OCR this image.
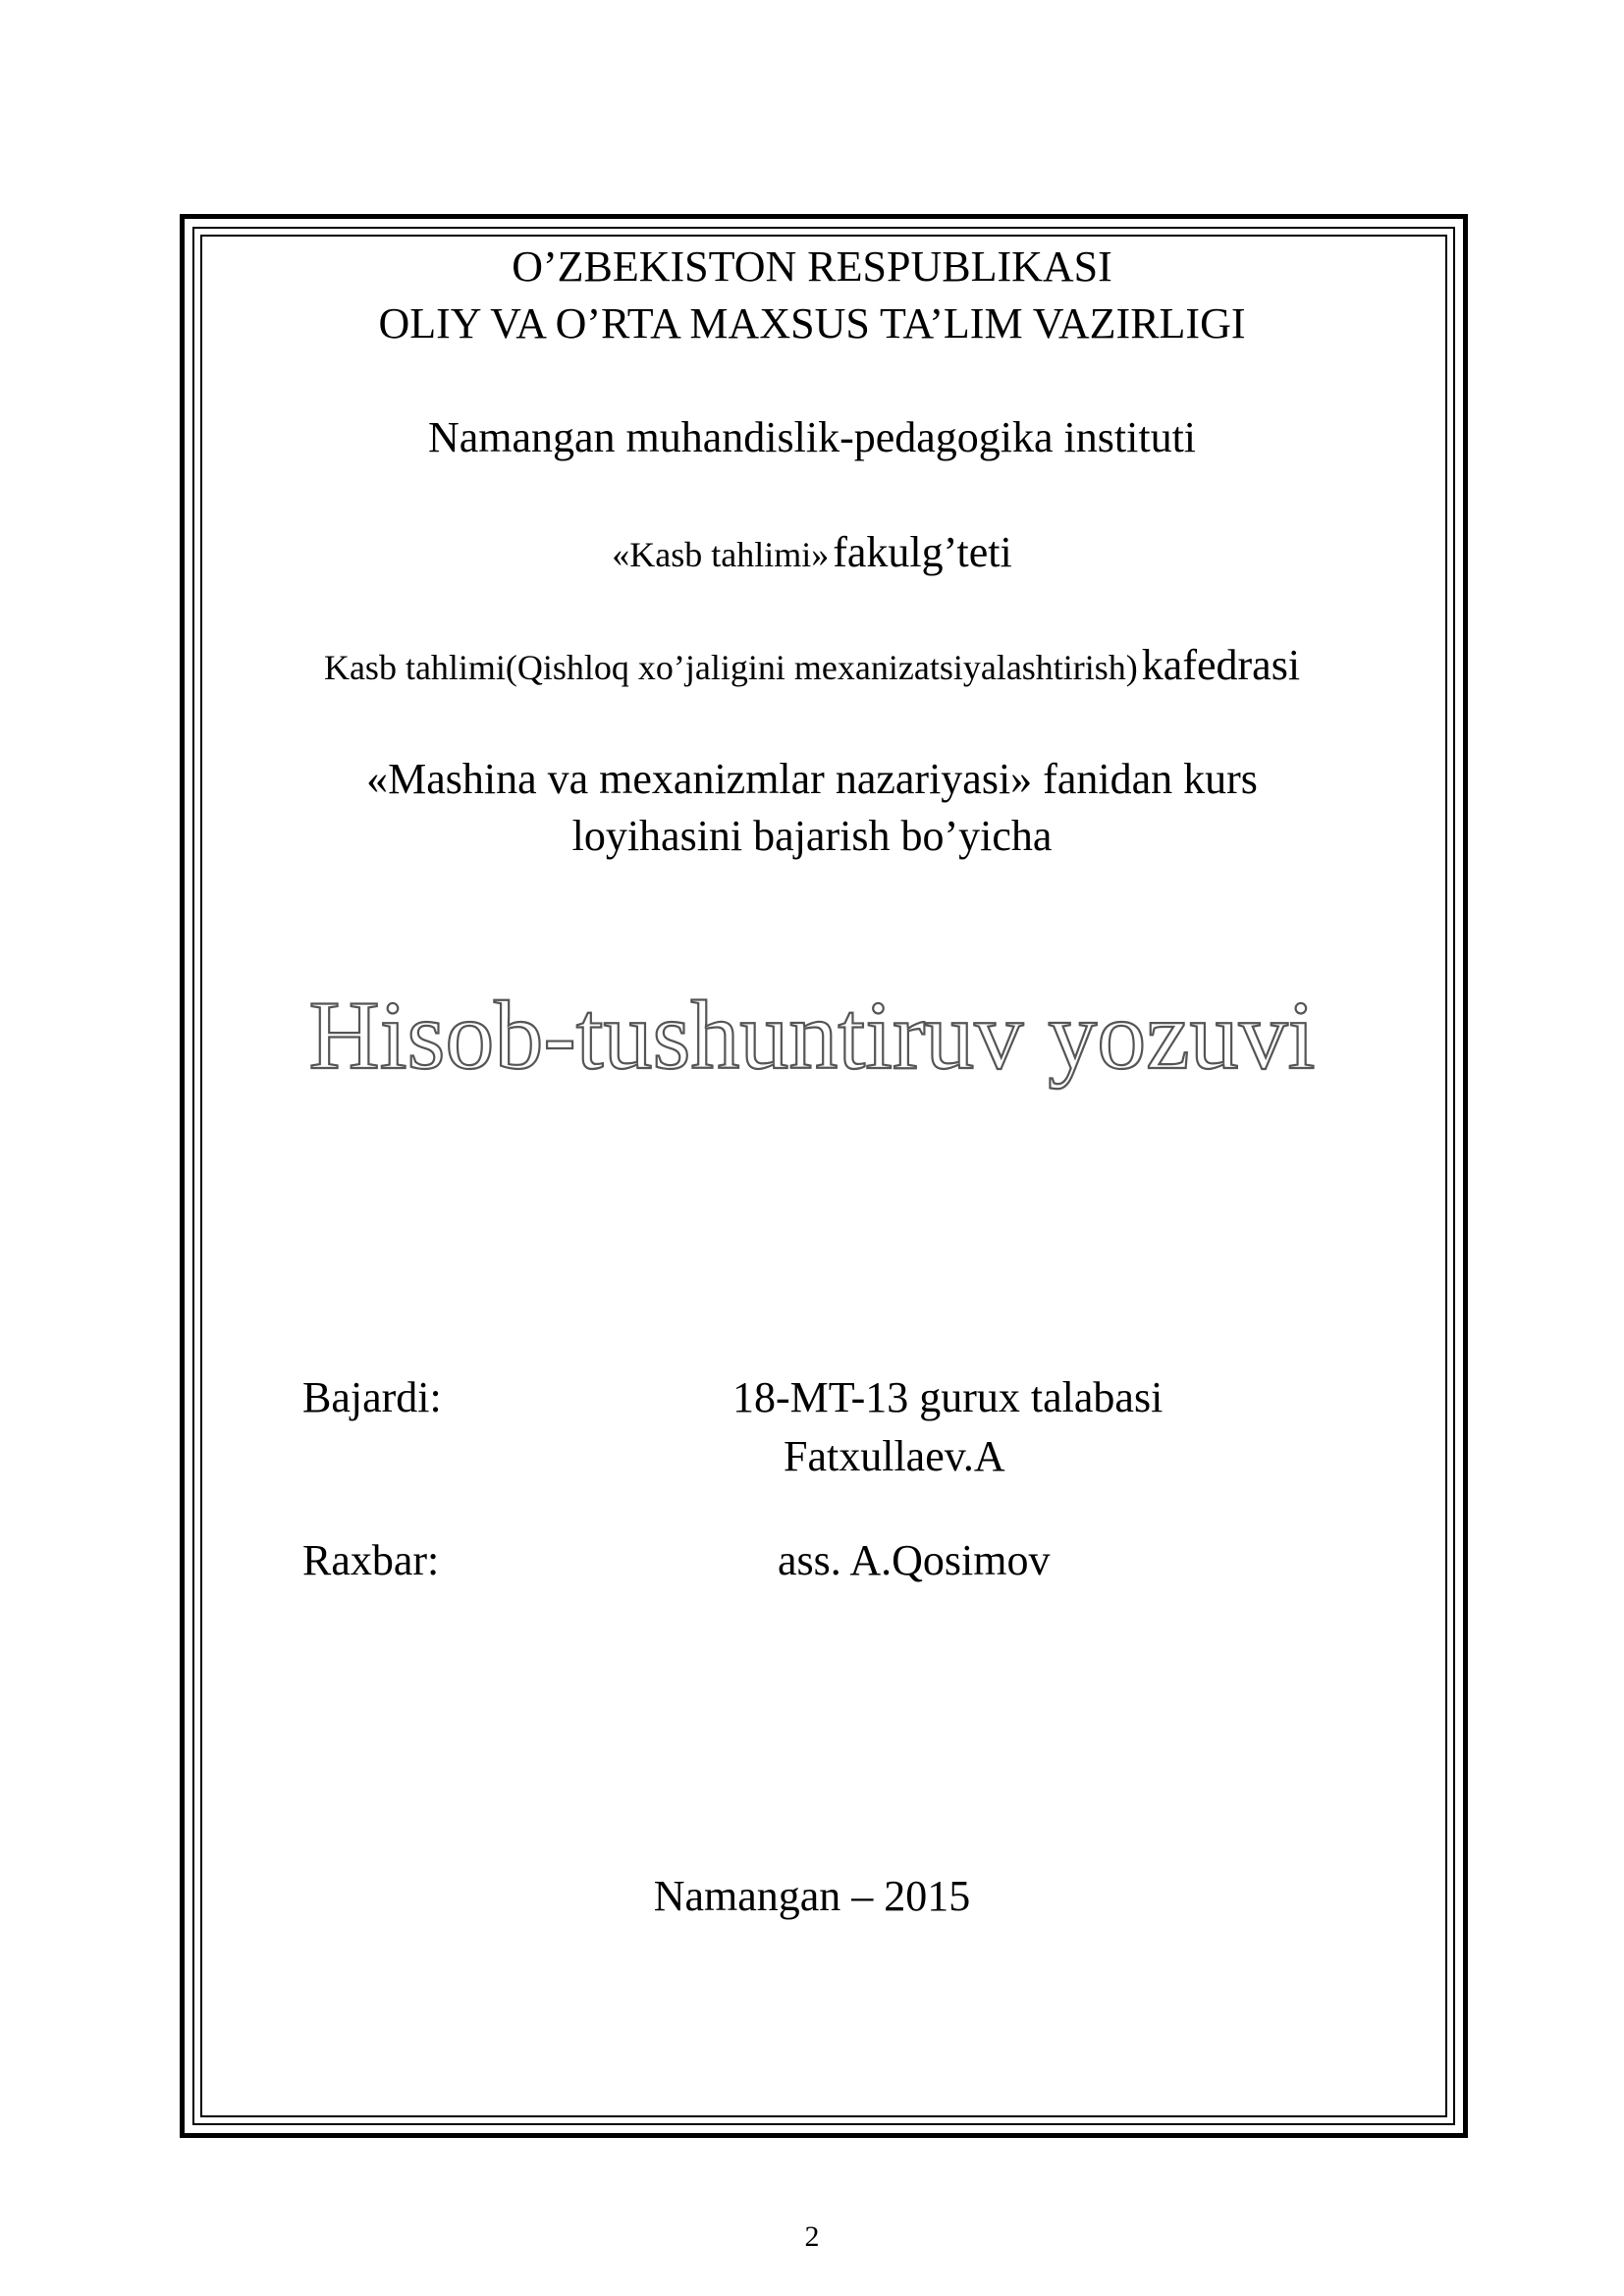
O’ZBEKISTON RESPUBLIKASI
OLIY VA O’RTA MAXSUS TA’LIM VAZIRLIGI
Namangan muhandislik-pedagogika instituti
«Kasb tahlimi» fakulg’teti
Kasb tahlimi(Qishloq xo’jaligini mexanizatsiyalashtirish) kafedrasi
«Mashina va mexanizmlar nazariyasi» fanidan kurs
loyihasini bajarish bo’yicha
Hisob-tushuntiruv yozuvi
Bajardi:	18-MT-13 gurux talabasi
Fatxullaev.A
Raxbar:	ass. A.Qosimov
Namangan – 2015
2
